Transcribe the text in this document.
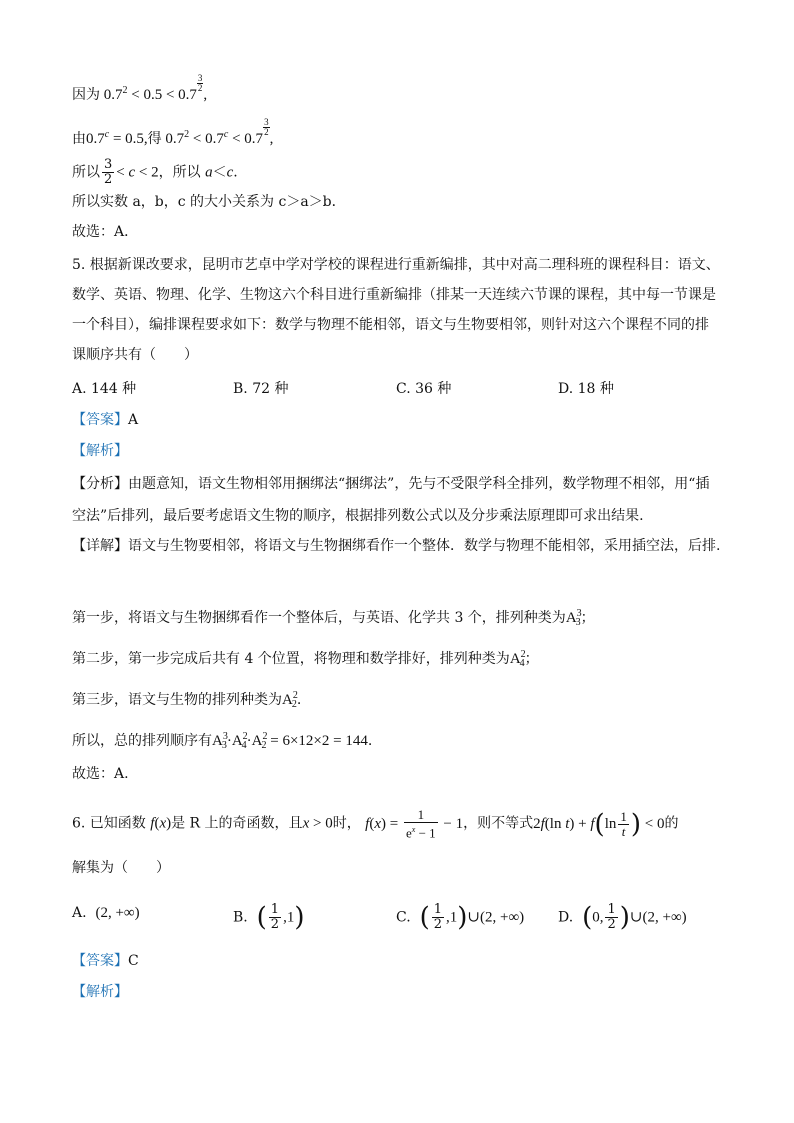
因为 $0.7^2 < 0.5 < 0.7$
$\frac{3}{2}$
,
由0.7$^c$ = 0.5,得 $0.7^2 < 0.7^c < 0.7$
$\frac{3}{2}$
,
所以 $\frac{3}{2} < c < 2$，所以 a＜c.
所以实数 a，b，c 的大小关系为 c＞a＞b．
故选：A．
5. 根据新课改要求，昆明市艺卓中学对学校的课程进行重新编排，其中对高二理科班的课程科目：语文、数学、英语、物理、化学、生物这六个科目进行重新编排（排某一天连续六节课的课程，其中每一节课是一个科目），编排课程要求如下：数学与物理不能相邻，语文与生物要相邻，则针对这六个课程不同的排课顺序共有（　　）
A. 144 种	B. 72 种	C. 36 种	D. 18 种
【答案】A
【解析】
【分析】由题意知，语文生物相邻用捆绑法“捆绑法”，先与不受限学科全排列，数学物理不相邻，用“插空法”后排列，最后要考虑语文生物的顺序，根据排列数公式以及分步乘法原理即可求出结果.
【详解】语文与生物要相邻，将语文与生物捆绑看作一个整体．数学与物理不能相邻，采用插空法，后排.
第一步，将语文与生物捆绑看作一个整体后，与英语、化学共 3 个，排列种类为$A^3_3$；
第二步，第一步完成后共有 4 个位置，将物理和数学排好，排列种类为$A^2_4$；
第三步，语文与生物的排列种类为$A^2_2$.
所以，总的排列顺序有$A^3_3\cdot A^2_4\cdot A^2_2 = 6\times 12\times 2 = 144$.
故选：A.
6. 已知函数 f(x)是 R 上的奇函数，且x > 0时， $f(x) = \frac{1}{e^x - 1} - 1$，则不等式2f(ln $t) + f(\ln \frac{1}{t}$ ) < 0的
解集为（　　）
A.  (2, +∞)	B.  ( $\frac{1}{2} ,1$)	C.  ( $\frac{1}{2}$ ,1)∪(2, +∞) D.  (0, $\frac{1}{2}$ )∪(2, +∞)
【答案】C
【解析】
